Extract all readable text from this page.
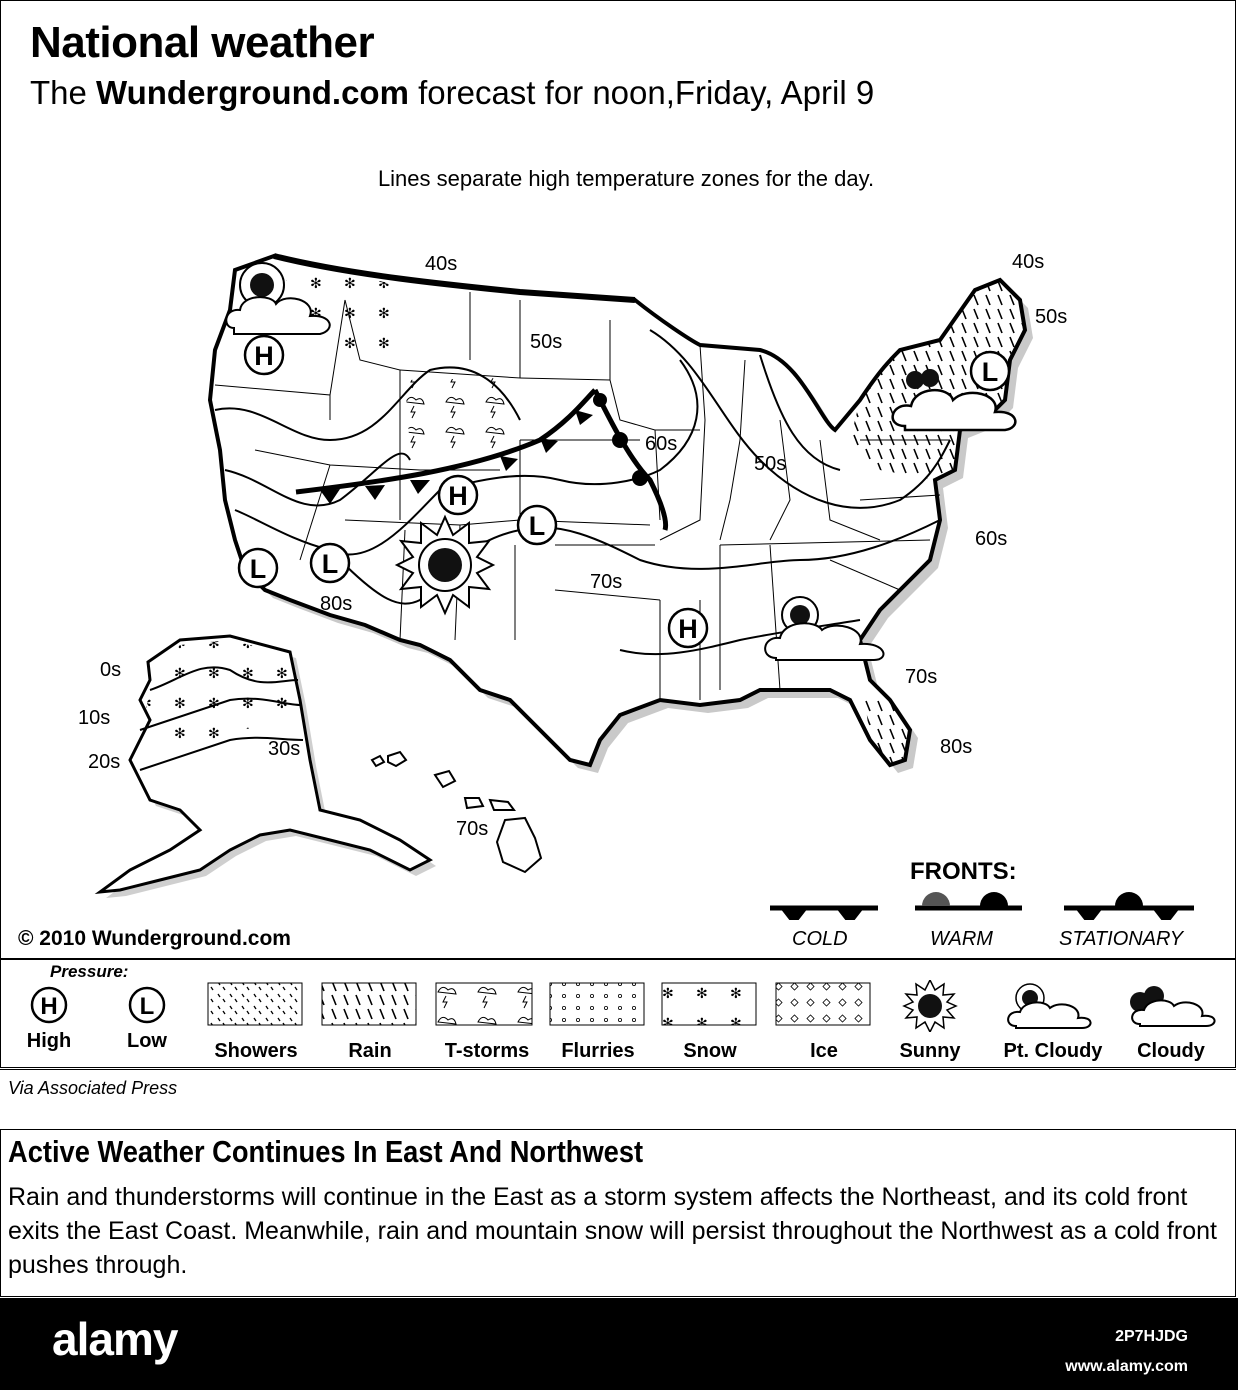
National weather
The Wunderground.com forecast for noon,Friday, April 9
Lines separate high temperature zones for the day.
H
H
H
L
L
L
L
40s	40s
50s
50s
60s
50s
60s
70s
80s
70s
80s
0s
10s
20s
30s
70s
FRONTS:
COLD	WARM	STATIONARY
© 2010 Wunderground.com
Pressure:
H
High
L
Low	Showers	Rain	T-storms	Flurries	Snow	Ice	Sunny	Pt. Cloudy	Cloudy
Via Associated Press
Active Weather Continues In East And Northwest
Rain and thunderstorms will continue in the East as a storm system affects the Northeast, and its cold front exits the East Coast. Meanwhile, rain and mountain snow will persist throughout the Northwest as a cold front pushes through.
alamy	2P7HJDG
www.alamy.com
